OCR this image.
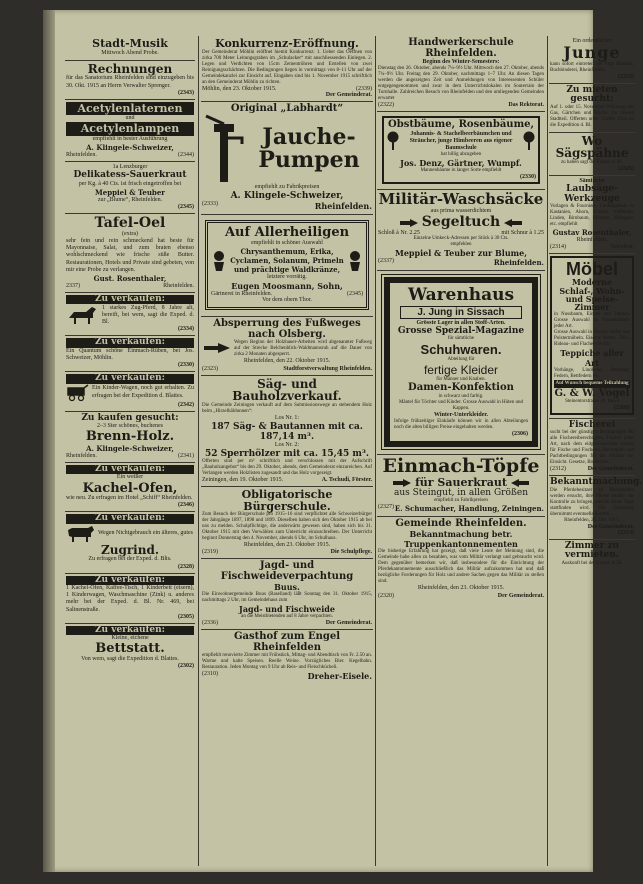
Stadt-Musik
Mittwoch Abend Probe.
Rechnungen
für das Sanatorium Rheinfelden sind einzugeben bis 30. Okt. 1915 an Herrn Verwalter Sprenger.
(2343)
Acetylenlaternen
und
Acetylenlampen
empfiehlt in bester Ausführung
A. Klingele-Schweizer,
Rheinfelden.	(2344)
1a Lenzburger
Delikatess-Sauerkraut
per Kg. à 40 Cts. ist frisch eingetroffen bei
Meppiel & Teuber
zur „Blume“, Rheinfelden.
(2345)
Tafel-Oel
(extra)
sehr fein und rein schmeckend hat beste für Mayonnaise, Salat, und zum braten ebenso wohlschmeckend wie frische süße Butter. Restaurationen, Hotels und Private sind gebeten, von mir eine Probe zu verlangen.
Gust. Rosenthaler,
2337)	Rheinfelden.
Zu verkaufen:
1 starkes Zug-Pferd, 8 Jahre alt, bereift, bei wem, sagt die Exped. d. Bl.
(2334)
Zu verkaufen:
Ein Quantum schöne Einmach-Rüben, bei Jos. Schweizer, Möhlin.
(2330)
Zu verkaufen:
Ein Kinder-Wagen, noch gut erhalten. Zu erfragen bei der Expedition d. Blattes.
(2342)
Zu kaufen gesucht:
2–3 Ster schönes, buchenes
Brenn-Holz.
A. Klingele-Schweizer,
Rheinfelden.	(2341)
Zu verkaufen:
Ein weißer
Kachel-Ofen,
wie neu. Zu erfragen im Hotel „Schiff“ Rheinfelden.
(2346)
Zu verkaufen:
Wegen Nichtgebrauch ein älteres, gutes
Zugrind.
Zu erfragen bei der Exped. d. Blts.
(2328)
Zu verkaufen:
1 Kachel-Ofen, Kaffee-Tisch, 1 Kinderbett (eisern), 1 Kinderwagen, Waschmaschine (Zink) u. anderes mehr bei der Exped. d. Bl. Nr. 469, bei Salinenstraße.
(2305)
Zu verkaufen:
Kleine, eichene
Bettstatt.
Von wem, sagt die Expedition d. Blattes.
(2302)
Konkurrenz-Eröffnung.
Der Gemeinderat Möhlin eröffnet hiemit Konkurrenz: 1. Ueber das Oeffnen von zirka 700 Meter Leitungsgraben im „Schulacker“ mit anschliessenden Einlegen. 2. Legen und Verdichten von 15cm Zementröhren und Erstellen von zwei Reinigungsschächten. Die Bedingungen liegen in vormittags von 8–11 Uhr auf der Gemeindekanzlei zur Einsicht auf. Eingaben sind bis 1. November 1915 schriftlich an den Gemeinderat Möhlin zu richten.
Möhlin, den 23. Oktober 1915.	(2339)
Der Gemeinderat.
Original „Labhardt“
Jauche-
Pumpen
empfiehlt zu Fabrikpreisen
A. Klingele-Schweizer,
(2333)	Rheinfelden.
Auf Allerheiligen
empfiehlt in schöner Auswahl
Chrysanthemum, Erika, Cyclamen, Solanum, Primeln und prächtige Waldkränze,
letztere vorrätig.
Eugen Moosmann, Sohn,
Gärtnerei in Rheinfelden.	(2345)
Vor dem obern Thor.
Absperrung des Fußweges nach Olsberg.
Wegen Beginn der Holzhauer-Arbeiten wird abgenannter Fußweg auf der Strecke Belchenblick-Waldmannsruh auf die Dauer von zirka 2 Monaten abgesperrt.
Rheinfelden, den 22. Oktober 1915.
(2323)	Stadtforstverwaltung Rheinfelden.
Säg- und Bauholzverkauf.
Die Gemeinde Zeiningen verkauft auf dem Submissionswege an stehendem Holz beim „Hirzelhäldunnen“:
Los Nr. 1:
187 Säg- & Bautannen mit ca. 187,14 m³.
Los Nr. 2:
52 Sperrhölzer mit ca. 15,45 m³.
Offerten sind per m³ schriftlich und verschlossen mit der Aufschrift „Bauholzangebot“ bis den 29. Oktober, abends, dem Gemeinderat einzureichen. Auf Verlangen werden Holzlisten zugesandt und das Holz vorgezeigt.
Zeiningen, den 19. Oktober 1915.	A. Tschudi, Förster.
Obligatorische Bürgerschule.
Zum Besuch der Bürgerschule pro 1915–16 sind verpflichtet alle Schweizerbürger der Jahrgänge 1897, 1898 und 1899. Dieselben haben sich den Oktober 1915 ab bei uns zu melden. Schulpflichtige, die anderwärts gewesen sind, haben sich bis 31. Oktober 1915 mit dem Vorwählen zum Unterricht einzuschreiben. Der Unterricht beginnt Donnerstag den 4. November, abends 6 Uhr, im Schulhaus.
Rheinfelden, den 23. Oktober 1915.
(2319)	Die Schulpflege.
Jagd- und Fischweideverpachtung
Buus.
Die Einwohnergemeinde Buus (Baselland) läßt Sonntag den 31. Oktober 1915, nachmittags 2 Uhr, im Gemeindehaus zum
Jagd- und Fischweide
an die Meistbietenden auf 8 Jahre verpachten.
(2336)	Der Gemeinderat.
Gasthof zum Engel Rheinfelden
empfiehlt renovierte Zimmer mit Frühstück, Mittag- und Abendtisch von Fr. 2.50 an. Warme und kalte Speisen. Reelle Weine. Vorzügliches Bier. Kegelbahn. Restauration. Jeden Montag von 9 Uhr ab Reis- und Fleischkücheli.
(2310)	Dreher-Eisele.
Handwerkerschule Rheinfelden.
Beginn des Winter-Semesters:
Dienstag den 26. Oktober, abends 7¼–9½ Uhr. Mittwoch den 27. Oktober, abends 7¼–9½ Uhr. Freitag den 29. Oktober, nachmittags 1–7 Uhr. An diesen Tagen werden die angezeigten Zeit und Anmeldungen von Interessenten Schüler entgegengenommen und zwar in dem Unterrichtslokalen im Souterrain der Turnhalle. Zahlreichen Besuch von Rheinfelden und den umliegenden Gemeinden erwartet
(2322)	Das Rektorat.
Obstbäume, Rosenbäume,
Johannis- & Stachelbeerbäumchen und Sträucher, junge Himbeeren aus eigener Baumschule
hat billig abzugeben
Jos. Denz, Gärtner, Wumpf.
Mannenbäume in langer Sorte empfiehlt
(2330)
Militär-Waschsäcke
aus prima wasserdichtem
Segeltuch
Schloß à Nr. 2.25	mit Schnur à 1.25
Einzelne Umkeck-Adressen per Stück à 30 Cts.
empfehlen
Meppiel & Teuber zur Blume,
(2337)	Rheinfelden.
Warenhaus
J. Jung in Sissach
Grösste Lager in allen Stoff-Arten.
Grosse Spezial-Magazine
für sämtliche
Schuhwaren.
Abteilung für
fertige Kleider
für Männer und Knaben.
Damen-Konfektion
in schwarz und farbig.
Mäntel für Töchter und Kinder. Grosse Auswahl in Hüten und Kappen.
Winter-Unterkleider.
Infolge frühzeitiger Einkäufe können wir in allen Abteilungen noch die alten billigen Preise eingehalten werden.
(2306)
Einmach-Töpfe
für Sauerkraut
aus Steingut, in allen Größen
empfiehlt zu Fabrikpreisen
(2327) E. Schumacher, Handlung, Zeiningen.
Gemeinde Rheinfelden.
Bekanntmachung betr. Truppenkantonnementen
Die bisherige Erfahrung hat gezeigt, daß viele Leute der Meinung sind, die Gemeinde habe allen zu bezahlen, was vom Militär verlangt und gebraucht wird. Dem gegenüber bemerken wir, daß insbesondere für die Einrichtung der Pferdekantonnemente ausschließlich das Militär aufzukommen hat und daß bezügliche Forderungen für Holz und andere Sachen gegen das Militär zu stellen sind.
Rheinfelden, den 23. Oktober 1915.
(2320)	Der Gemeinderat.
Ein ordentlicher
Junge
kann sofort eintreten bei Fritz Brunner, Buchbinderei, Rheinfelden.
(2333)
Zu mieten gesucht:
Auf 1. oder 15. November Wohnung mit Gas, Gärtchen und Küche, im oberen Stadtteil. Offerten unter Chiffre 2335 an die Expedition d. Bl.
Wo Sägspähne
zu haben sagt die Exped. d. Bl.
(2329)
Sämtliche
Laubsäge-Werkzeuge
Vorlagen & Fourniere, Laubsägeholz in Kastanien, Ahorn, Ulmen, Nußbaum, Linden, Birnbaum, Pflaume, Mahagoni etc. empfiehlt
Gustav Rosenthaler,
Rheinfelden.
(2314)	Telephon.
Möbel
Moderne Schlaf-, Wohn- und Speise-Zimmer
in Nussbaum, Eichen und Tannen. Grosse Auswahl in Einzelmöbeln jeder Art.
Grosse Auswahl in Divans, Sofas und Polstermöbeln. Eiserne Betten. Tüll-, Rideau- und Flachen-Stoffe.
Teppiche aller Art
Vorhänge, Linoleum, Bettzeug, Federn, Bettfedern etc.
Auf Wunsch bequeme Teilzahlung
G. & W. Vogel
Steinentorstrasse 40, Basel
(2309)
Fischerei
sucht bei der günstigen Bedingungen für alle Fischereiberechtigten. Fischer jeder Art, nach dem eidgenössischen Gesetz für Fische und Fischerei. Revierplan und Pachtbedingungen für die Pächter zur Einsicht. Gesetze, Brochüren.
(2312)	Der Gemeinderat.
Bekanntmachung.
Die Pferdebesitzer zu Rheinfelden werden ersucht, ihre Pferde wieder zur Kontrolle zu bringen, welche dieser Tage stattfinden wird. Die Gemeinde übernimmt eventuelle Kosten.
Rheinfelden, 20. Okt. 1915.
Der Gemeinderat.
(2313)
Zimmer zu vermieten.
Auskunft bei der Exped. d. Bl.
